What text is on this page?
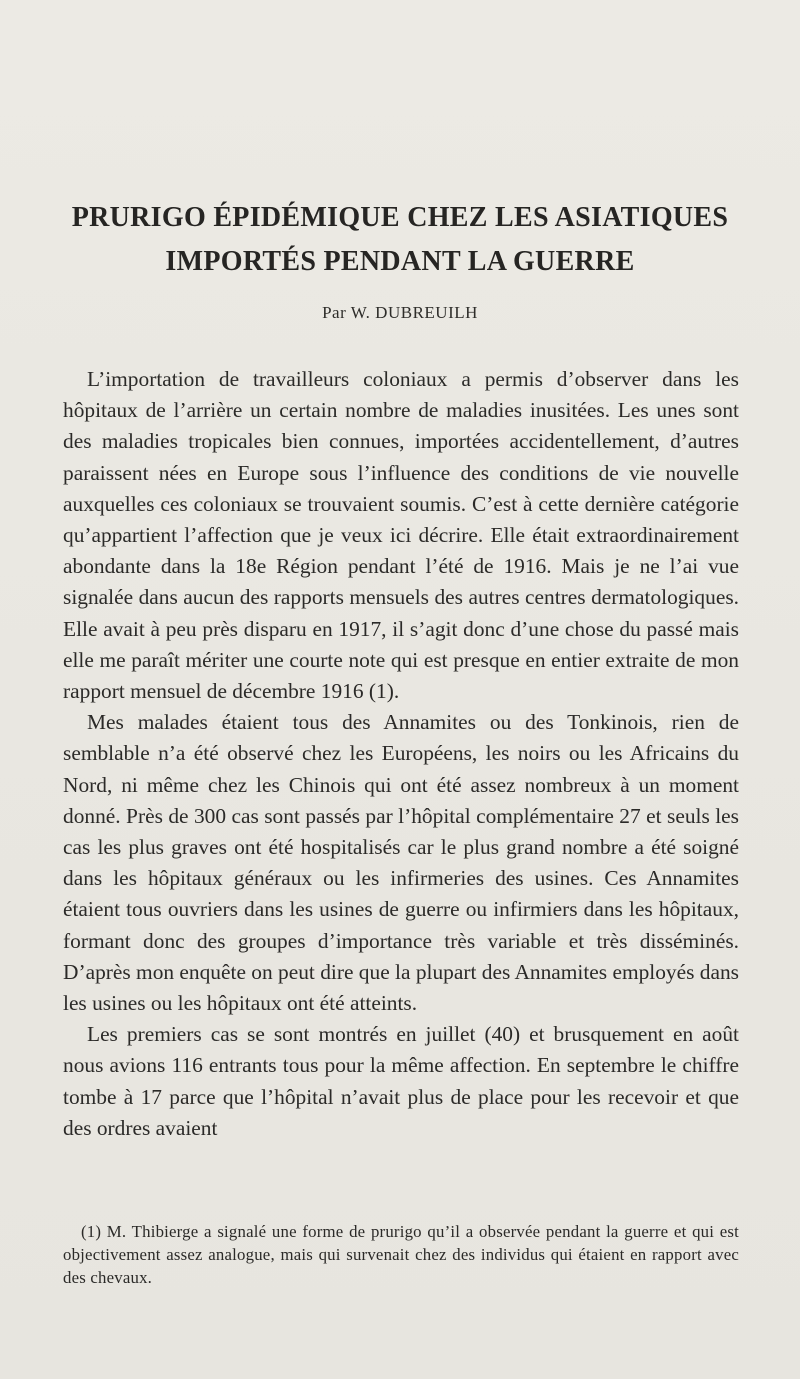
PRURIGO ÉPIDÉMIQUE CHEZ LES ASIATIQUES
IMPORTÉS PENDANT LA GUERRE
Par W. DUBREUILH

L’importation de travailleurs coloniaux a permis d’observer dans les hôpitaux de l’arrière un certain nombre de maladies inusitées. Les unes sont des maladies tropicales bien connues, importées accidentellement, d’autres paraissent nées en Europe sous l’influence des conditions de vie nouvelle auxquelles ces coloniaux se trouvaient soumis. C’est à cette dernière catégorie qu’appartient l’affection que je veux ici décrire. Elle était extraordinairement abondante dans la 18e Région pendant l’été de 1916. Mais je ne l’ai vue signalée dans aucun des rapports mensuels des autres centres dermatologiques. Elle avait à peu près disparu en 1917, il s’agit donc d’une chose du passé mais elle me paraît mériter une courte note qui est presque en entier extraite de mon rapport mensuel de décembre 1916 (1).

Mes malades étaient tous des Annamites ou des Tonkinois, rien de semblable n’a été observé chez les Européens, les noirs ou les Africains du Nord, ni même chez les Chinois qui ont été assez nombreux à un moment donné. Près de 300 cas sont passés par l’hôpital complémentaire 27 et seuls les cas les plus graves ont été hospitalisés car le plus grand nombre a été soigné dans les hôpitaux généraux ou les infirmeries des usines. Ces Annamites étaient tous ouvriers dans les usines de guerre ou infirmiers dans les hôpitaux, formant donc des groupes d’importance très variable et très disséminés. D’après mon enquête on peut dire que la plupart des Annamites employés dans les usines ou les hôpitaux ont été atteints.

Les premiers cas se sont montrés en juillet (40) et brusquement en août nous avions 116 entrants tous pour la même affection. En septembre le chiffre tombe à 17 parce que l’hôpital n’avait plus de place pour les recevoir et que des ordres avaient

(1) M. Thibierge a signalé une forme de prurigo qu’il a observée pendant la guerre et qui est objectivement assez analogue, mais qui survenait chez des individus qui étaient en rapport avec des chevaux.
